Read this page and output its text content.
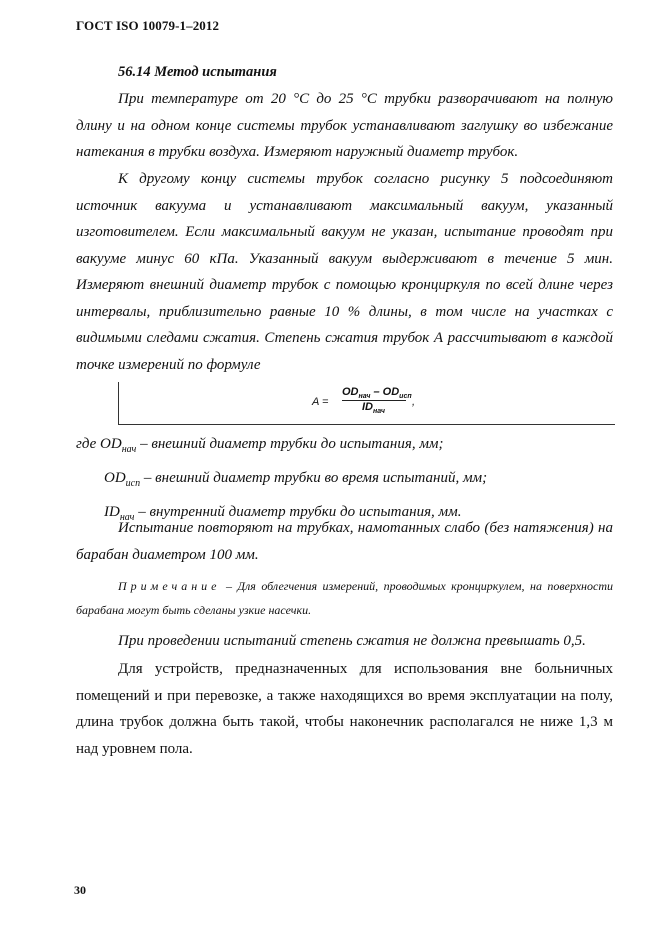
ГОСТ ISO 10079-1–2012
56.14 Метод испытания
При температуре от 20 °С до 25 °С трубки разворачивают на полную длину и на одном конце системы трубок устанавливают заглушку во избежание натекания в трубки воздуха. Измеряют наружный диаметр трубок.
К другому концу системы трубок согласно рисунку 5 подсоединяют источник вакуума и устанавливают максимальный вакуум, указанный изготовителем. Если максимальный вакуум не указан, испытание проводят при вакууме минус 60 кПа. Указанный вакуум выдерживают в течение 5 мин. Измеряют внешний диаметр трубок с помощью кронциркуля по всей длине через интервалы, приблизительно равные 10 % длины, в том числе на участках с видимыми следами сжатия. Степень сжатия трубок А рассчитывают в каждой точке измерений по формуле
A =
$OD_{нач} - OD_{исп}$
$ID_{нач}$
,
где $OD_{нач}$ – внешний диаметр трубки до испытания, мм;
$OD_{исп}$ – внешний диаметр трубки во время испытаний, мм;
$ID_{нач}$ – внутренний диаметр трубки до испытания, мм.
Испытание повторяют на трубках, намотанных слабо (без натяжения) на барабан диаметром 100 мм.
Примечание – Для облегчения измерений, проводимых кронциркулем, на поверхности барабана могут быть сделаны узкие насечки.
При проведении испытаний степень сжатия не должна превышать 0,5.
Для устройств, предназначенных для использования вне больничных помещений и при перевозке, а также находящихся во время эксплуатации на полу, длина трубок должна быть такой, чтобы наконечник располагался не ниже 1,3 м над уровнем пола.
30
